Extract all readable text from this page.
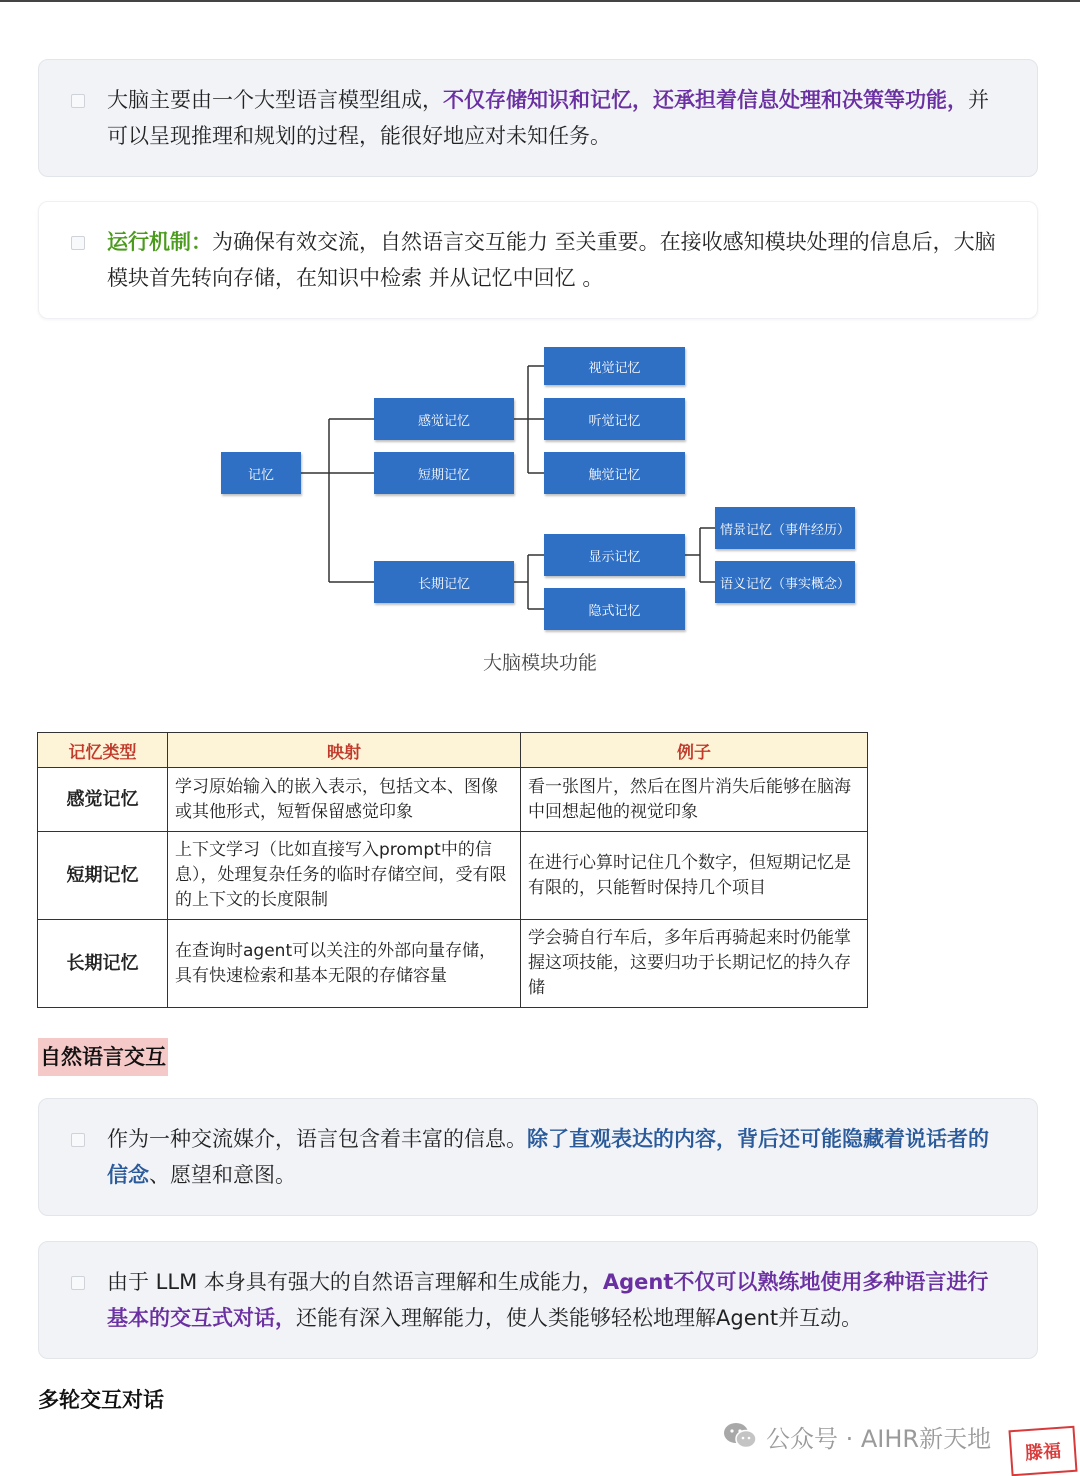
大脑主要由一个大型语言模型组成，不仅存储知识和记忆，还承担着信息处理和决策等功能，并可以呈现推理和规划的过程，能很好地应对未知任务。
运行机制：为确保有效交流，自然语言交互能力 至关重要。在接收感知模块处理的信息后，大脑模块首先转向存储，在知识中检索 并从记忆中回忆 。
记忆
感觉记忆
短期记忆
长期记忆
视觉记忆
听觉记忆
触觉记忆
显示记忆
隐式记忆
情景记忆（事件经历）
语义记忆（事实概念）
大脑模块功能
记忆类型	映射	例子
感觉记忆	学习原始输入的嵌入表示，包括文本、图像或其他形式，短暂保留感觉印象	看一张图片，然后在图片消失后能够在脑海中回想起他的视觉印象
短期记忆	上下文学习（比如直接写入prompt中的信息），处理复杂任务的临时存储空间，受有限的上下文的长度限制	在进行心算时记住几个数字，但短期记忆是有限的，只能暂时保持几个项目
长期记忆	在查询时agent可以关注的外部向量存储，具有快速检索和基本无限的存储容量	学会骑自行车后，多年后再骑起来时仍能掌握这项技能，这要归功于长期记忆的持久存储
自然语言交互
作为一种交流媒介，语言包含着丰富的信息。除了直观表达的内容，背后还可能隐藏着说话者的信念、愿望和意图。
由于 LLM 本身具有强大的自然语言理解和生成能力，Agent不仅可以熟练地使用多种语言进行基本的交互式对话，还能有深入理解能力，使人类能够轻松地理解Agent并互动。
多轮交互对话
公众号 · AIHR新天地	滕福
